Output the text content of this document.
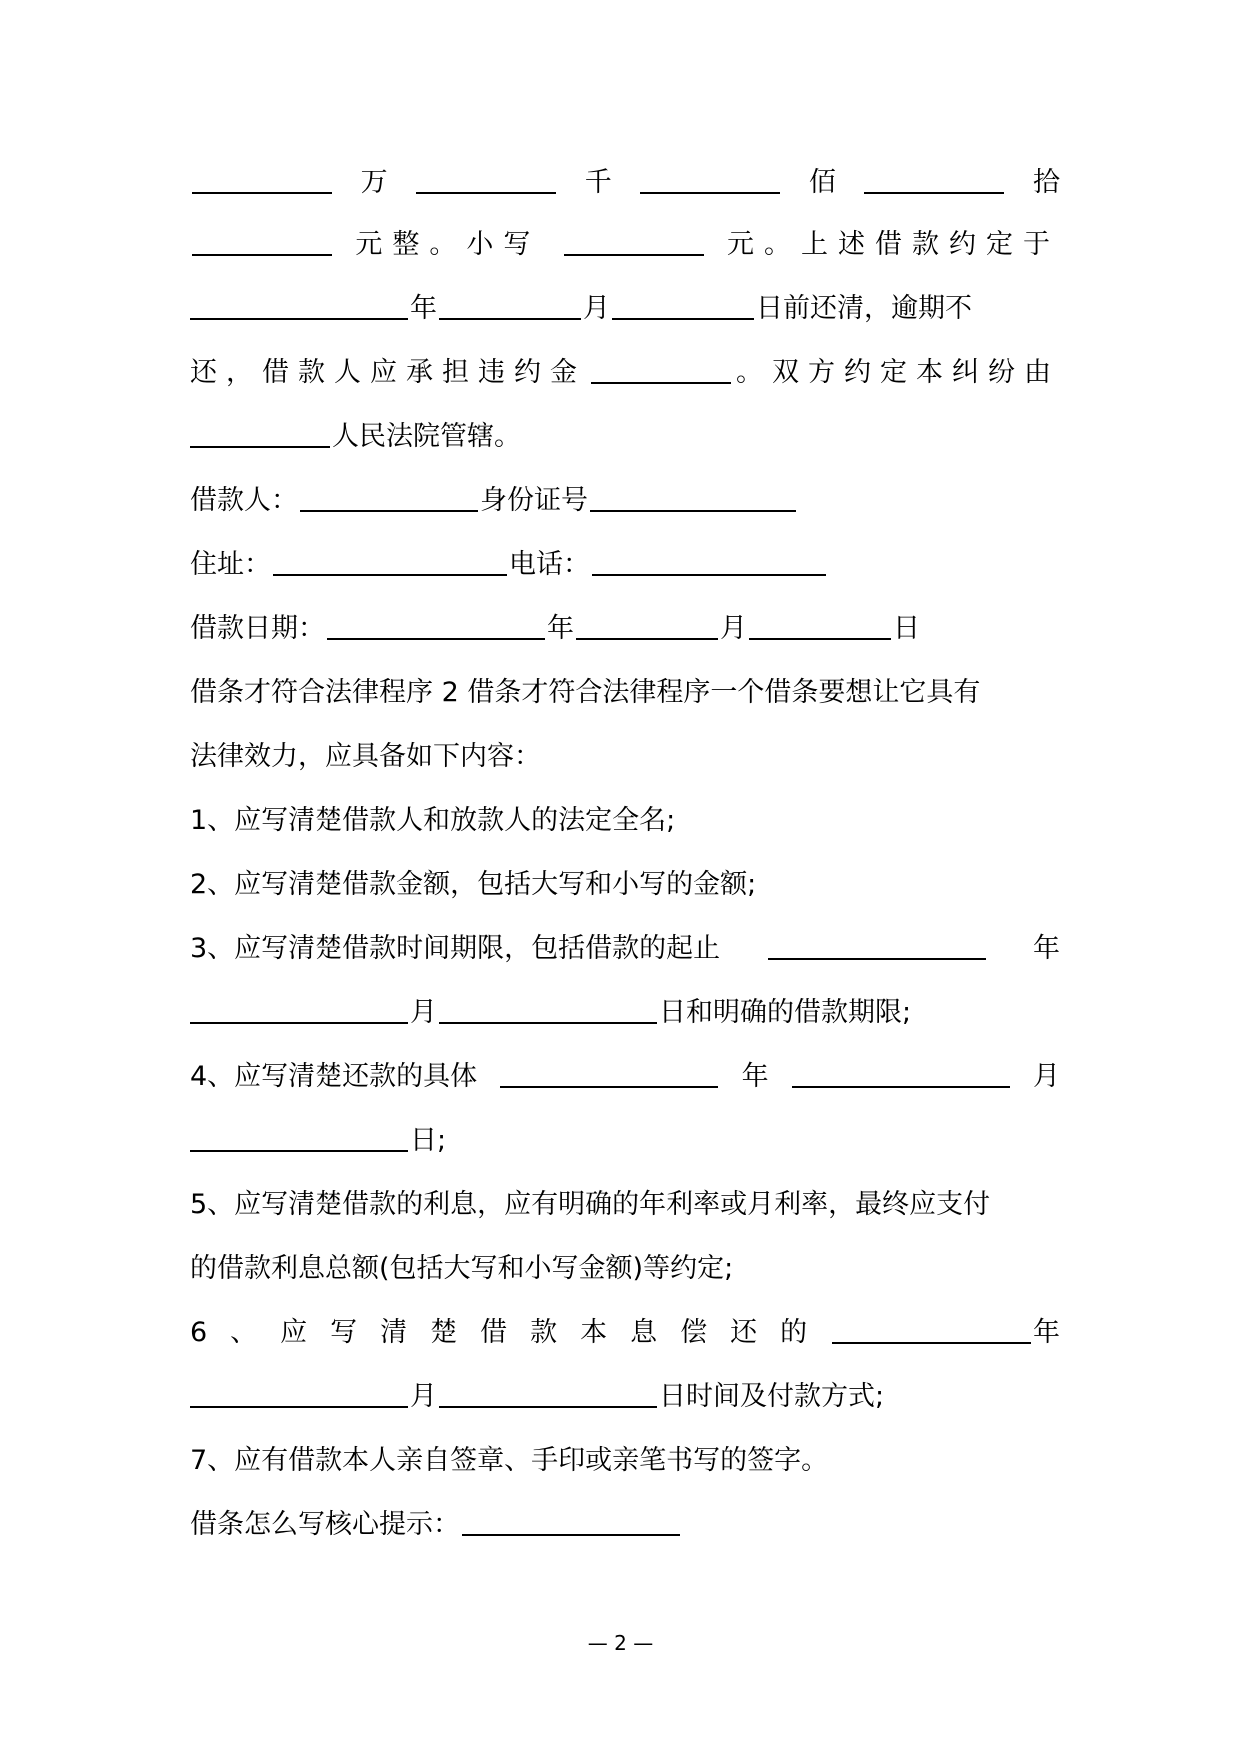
万	千	佰	拾
元整。小写	元。上述借款约定于
年	月	日前还清，逾期不
还，借款人应承担违约金	。双方约定本纠纷由
人民法院管辖。
借款人：	身份证号
住址：	电话：
借款日期：	年	月	日
借条才符合法律程序 2 借条才符合法律程序一个借条要想让它具有
法律效力，应具备如下内容：
1、应写清楚借款人和放款人的法定全名;
2、应写清楚借款金额，包括大写和小写的金额;
3、应写清楚借款时间期限，包括借款的起止	年
月	日和明确的借款期限;
4、应写清楚还款的具体	年	月
日;
5、应写清楚借款的利息，应有明确的年利率或月利率，最终应支付
的借款利息总额(包括大写和小写金额)等约定;
6、应写清楚借款本息偿还的	年
月	日时间及付款方式;
7、应有借款本人亲自签章、手印或亲笔书写的签字。
借条怎么写核心提示：
— 2 —
